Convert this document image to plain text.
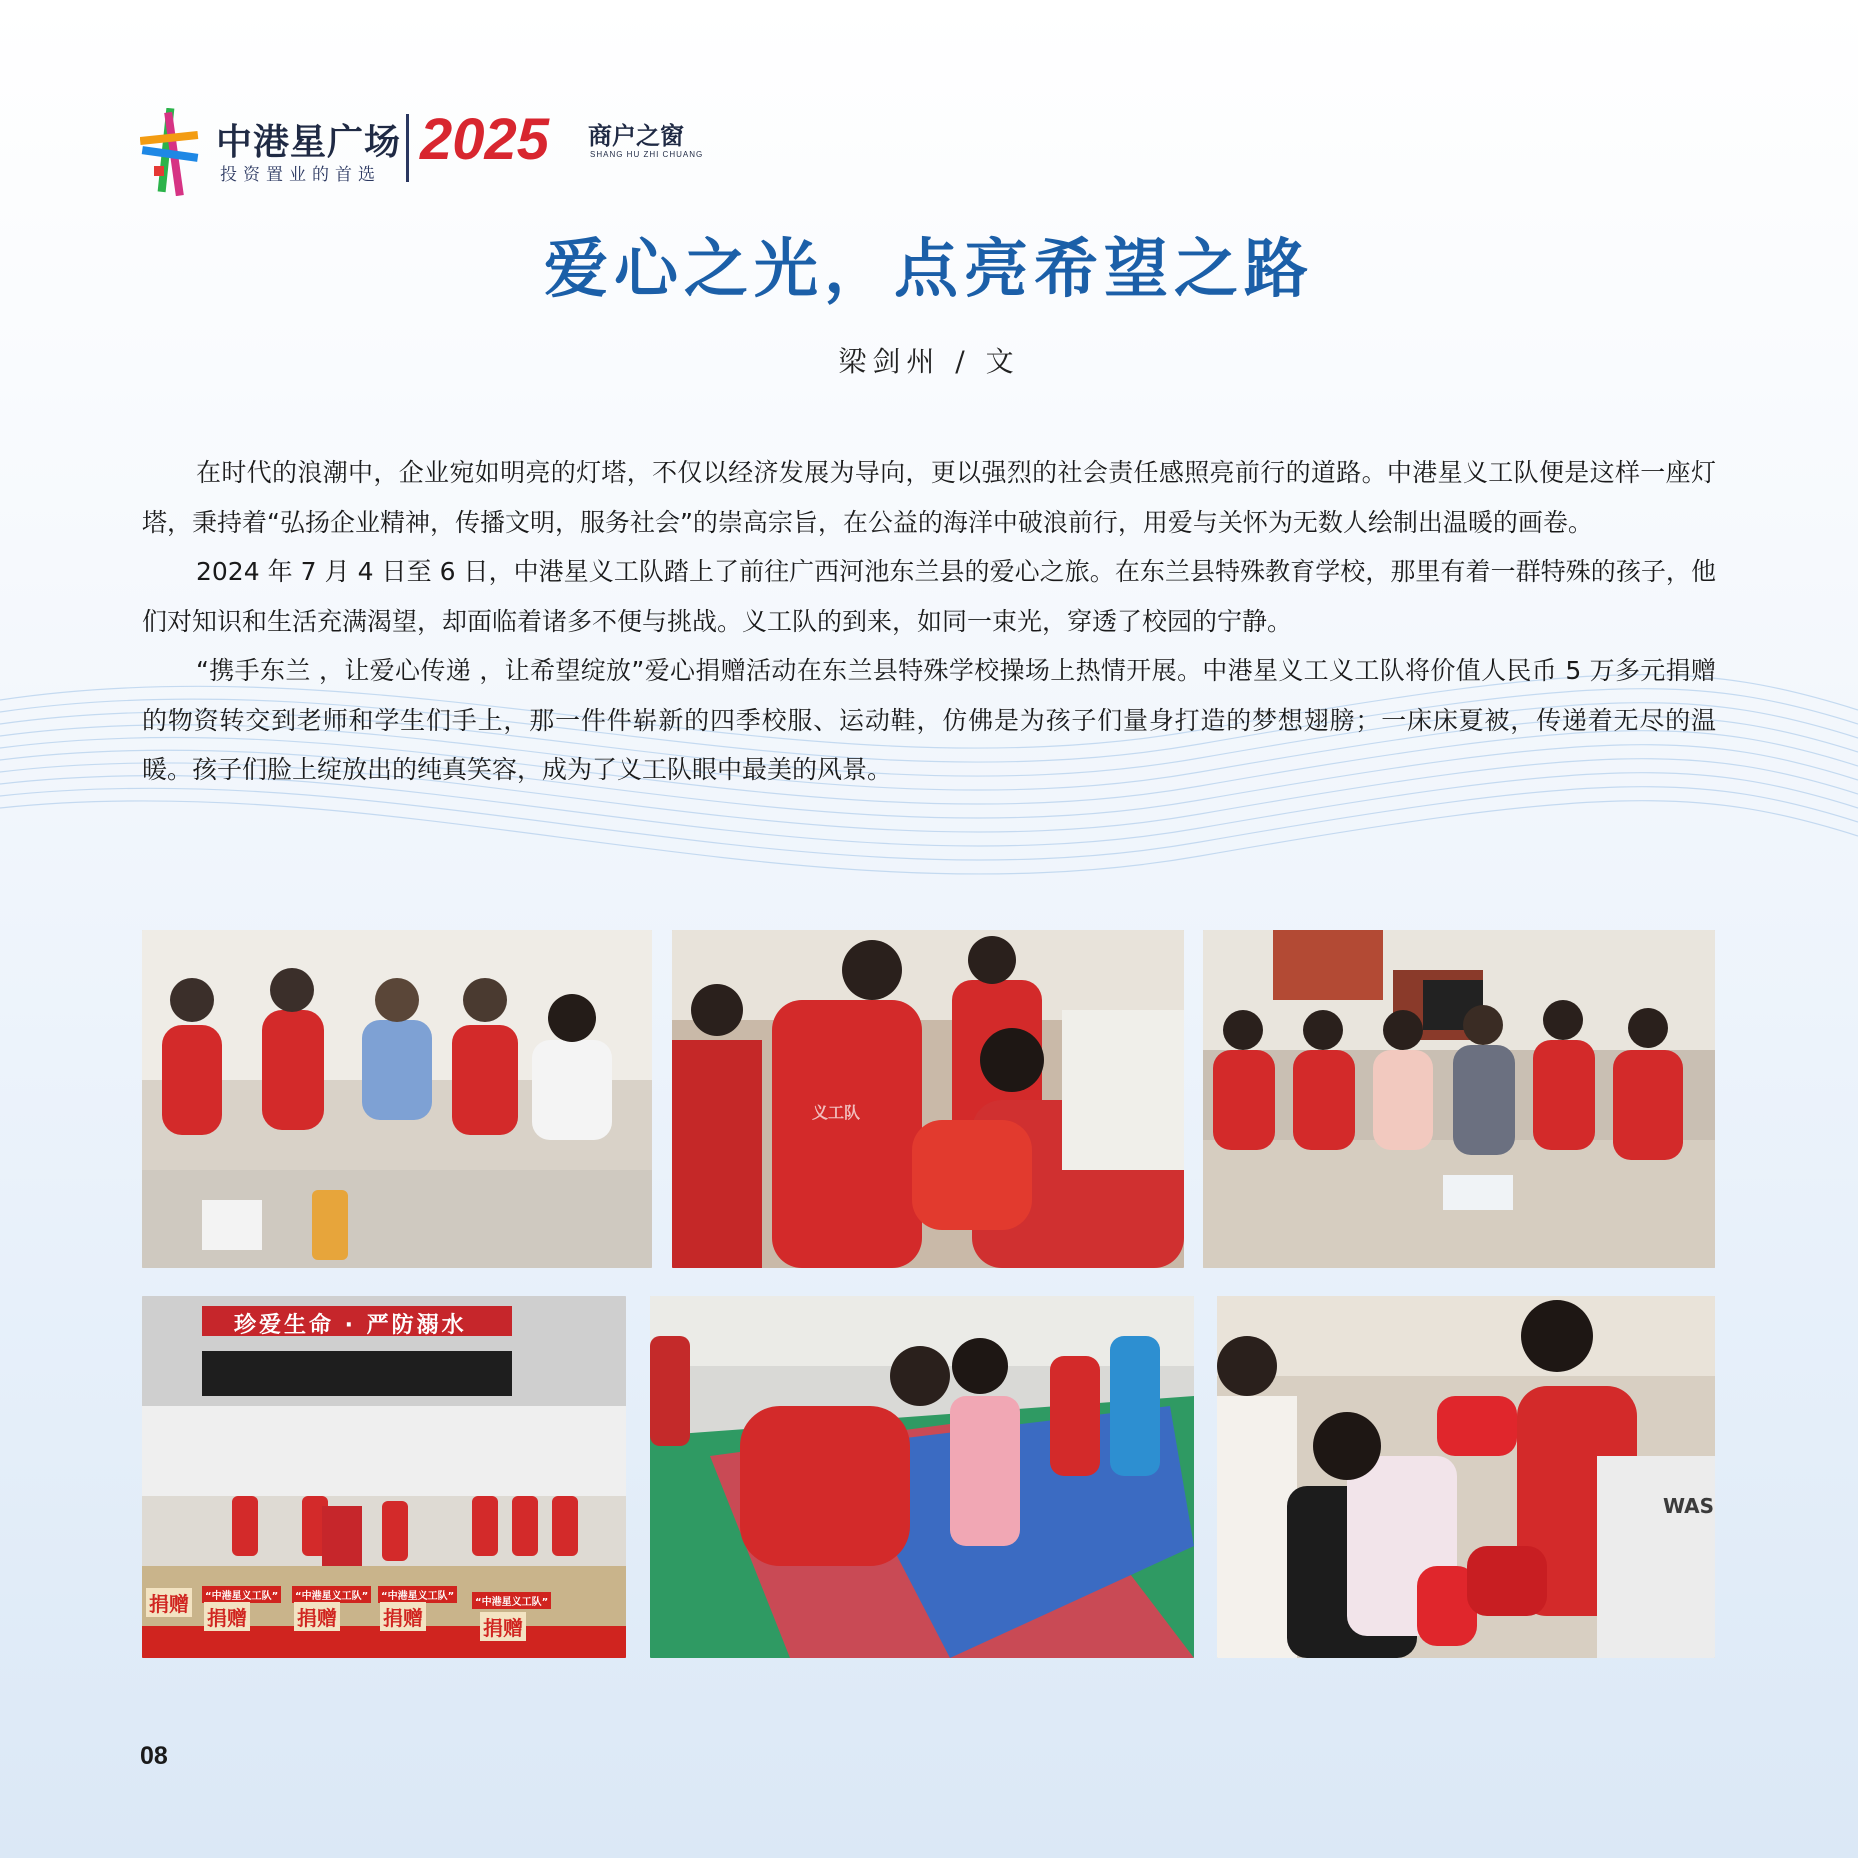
中港星广场
投资置业的首选
2025 商户之窗
SHANG HU ZHI CHUANG
爱心之光，点亮希望之路
梁剑州 / 文

在时代的浪潮中，企业宛如明亮的灯塔，不仅以经济发展为导向，更以强烈的社会责任感照亮前行的道路。中港星义工队便是这样一座灯塔，秉持着“弘扬企业精神，传播文明，服务社会”的崇高宗旨，在公益的海洋中破浪前行，用爱与关怀为无数人绘制出温暖的画卷。

2024 年 7 月 4 日至 6 日，中港星义工队踏上了前往广西河池东兰县的爱心之旅。在东兰县特殊教育学校，那里有着一群特殊的孩子，他们对知识和生活充满渴望，却面临着诸多不便与挑战。义工队的到来，如同一束光，穿透了校园的宁静。

“携手东兰 ，让爱心传递 ，让希望绽放”爱心捐赠活动在东兰县特殊学校操场上热情开展。中港星义工义工队将价值人民币 5 万多元捐赠的物资转交到老师和学生们手上，那一件件崭新的四季校服、运动鞋，仿佛是为孩子们量身打造的梦想翅膀；一床床夏被，传递着无尽的温暖。孩子们脸上绽放出的纯真笑容，成为了义工队眼中最美的风景。

义工队
珍爱生命 · 严防溺水
捐赠	“中港星义工队”
捐赠
“中港星义工队”
捐赠
“中港星义工队”
捐赠
“中港星义工队”
捐赠
WAS
08
